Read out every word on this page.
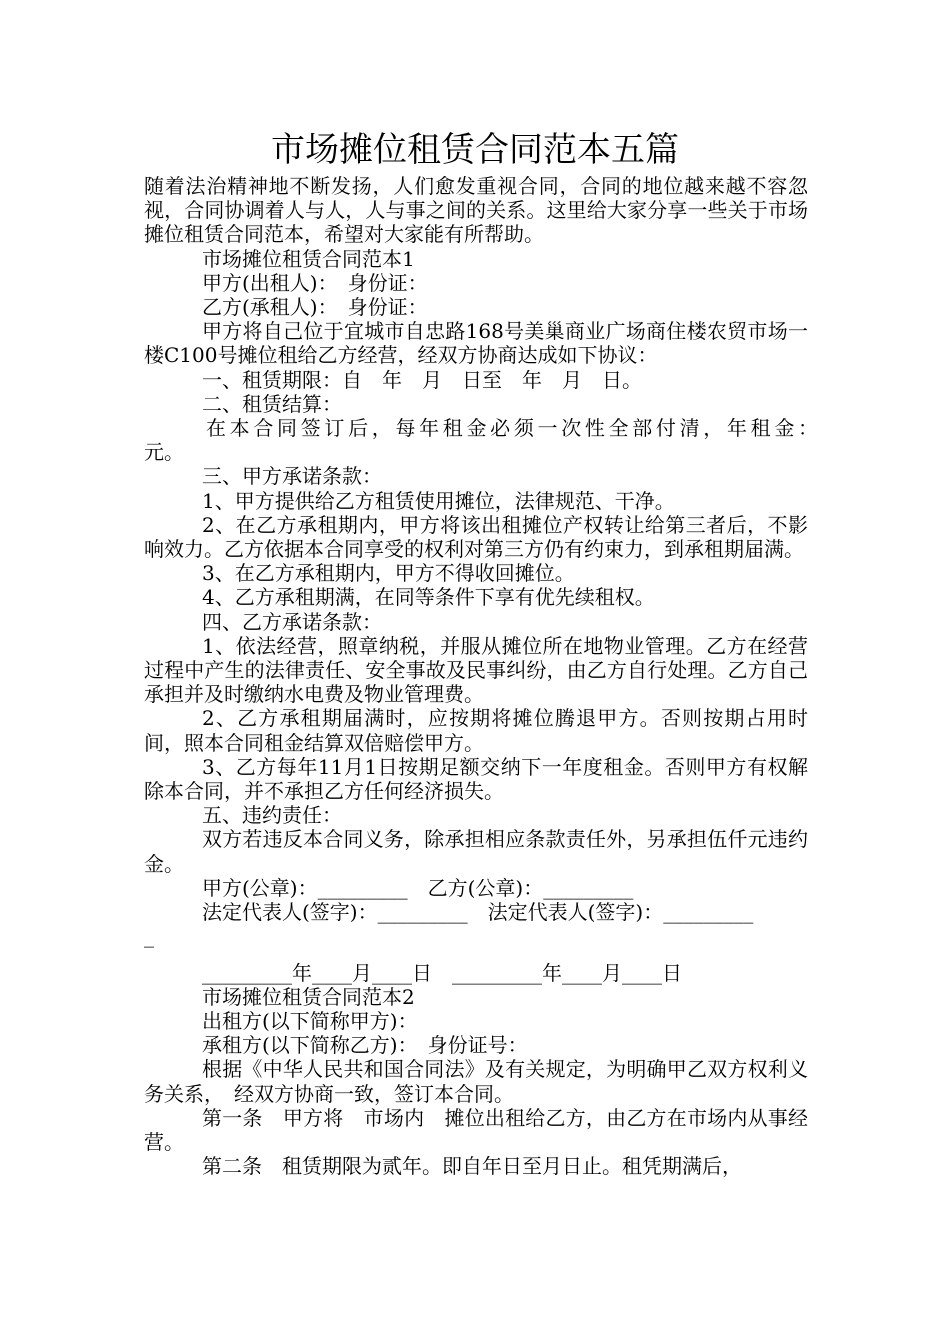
市场摊位租赁合同范本五篇

随着法治精神地不断发扬，人们愈发重视合同，合同的地位越来越不容忽视，合同协调着人与人，人与事之间的关系。这里给大家分享一些关于市场摊位租赁合同范本，希望对大家能有所帮助。

市场摊位租赁合同范本1

甲方(出租人)：　身份证：

乙方(承租人)：　身份证：

甲方将自己位于宜城市自忠路168号美巢商业广场商住楼农贸市场一楼C100号摊位租给乙方经营，经双方协商达成如下协议：

一、租赁期限：自　年　月　日至　年　月　日。

二、租赁结算：

在本合同签订后，每年租金必须一次性全部付清，年租金：　　　元。

三、甲方承诺条款：

1、甲方提供给乙方租赁使用摊位，法律规范、干净。

2、在乙方承租期内，甲方将该出租摊位产权转让给第三者后，不影响效力。乙方依据本合同享受的权利对第三方仍有约束力，到承租期届满。

3、在乙方承租期内，甲方不得收回摊位。

4、乙方承租期满，在同等条件下享有优先续租权。

四、乙方承诺条款：

1、依法经营，照章纳税，并服从摊位所在地物业管理。乙方在经营过程中产生的法律责任、安全事故及民事纠纷，由乙方自行处理。乙方自己承担并及时缴纳水电费及物业管理费。

2、乙方承租期届满时，应按期将摊位腾退甲方。否则按期占用时间，照本合同租金结算双倍赔偿甲方。

3、乙方每年11月1日按期足额交纳下一年度租金。否则甲方有权解除本合同，并不承担乙方任何经济损失。

五、违约责任：

双方若违反本合同义务，除承担相应条款责任外，另承担伍仟元违约金。

甲方(公章)：_________　乙方(公章)：_________

法定代表人(签字)：_________　法定代表人(签字)：_________

_

_________年____月____日　_________年____月____日

市场摊位租赁合同范本2

出租方(以下简称甲方)：

承租方(以下简称乙方)：　身份证号：

根据《中华人民共和国合同法》及有关规定，为明确甲乙双方权利义务关系，　经双方协商一致，签订本合同。

第一条　甲方将　市场内　摊位出租给乙方，由乙方在市场内从事经营。

第二条　租赁期限为贰年。即自年日至月日止。租凭期满后，
